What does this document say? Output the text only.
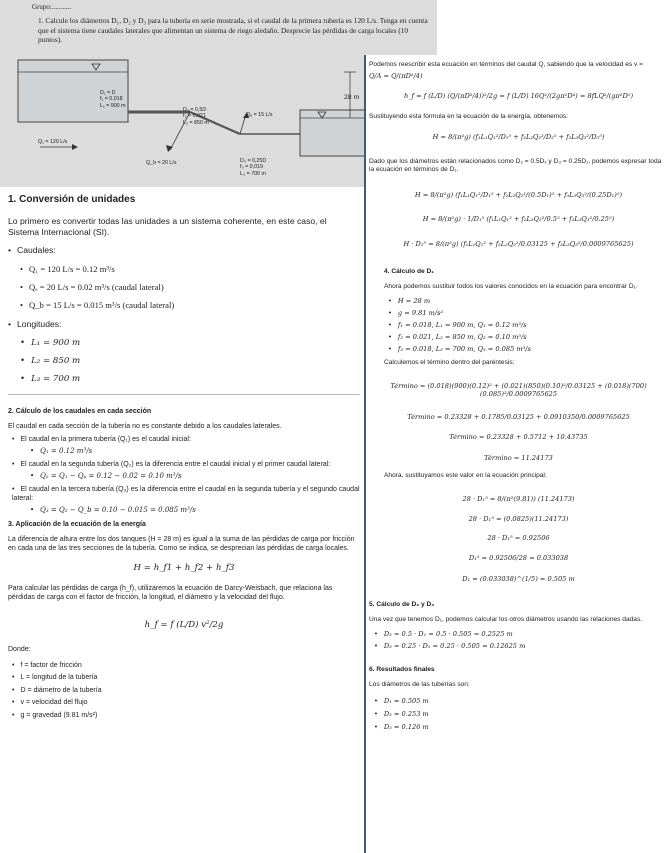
Grupo:...........
1. Calcule los diámetros D₁, D₂ y D₃ para la tubería en serie mostrada, si el caudal de la primera tubería es 120 L/s. Tenga en cuenta que el sistema tiene caudales laterales que alimentan un sistema de riego aledaño. Desprecie las pérdidas de carga locales (10 puntos).
28 m
D₁ = D
f₁ = 0,018
L₁ = 900 m
D₂ = 0,5D
f₂ = 0,021
L₂ = 850 m
D₃ = 0,25D
f₃ = 0,019
L₃ = 700 m
Qₐ = 15 L/s
Q₁ = 120 L/s
Q_b = 20 L/s
1. Conversión de unidades
Lo primero es convertir todas las unidades a un sistema coherente, en este caso, el Sistema Internacional (SI).
• Caudales:
• Q₁ = 120 L/s = 0.12 m³/s
• Qₐ = 20 L/s = 0.02 m³/s (caudal lateral)
• Q_b = 15 L/s = 0.015 m³/s (caudal lateral)
• Longitudes:
• L₁ = 900 m
• L₂ = 850 m
• L₃ = 700 m
2. Cálculo de los caudales en cada sección
El caudal en cada sección de la tubería no es constante debido a los caudales laterales.
• El caudal en la primera tubería (Q₁) es el caudal inicial:
• Q₁ = 0.12 m³/s
• El caudal en la segunda tubería (Q₂) es la diferencia entre el caudal inicial y el primer caudal lateral:
• Q₂ = Q₁ − Qₐ = 0.12 − 0.02 = 0.10 m³/s
• El caudal en la tercera tubería (Q₃) es la diferencia entre el caudal en la segunda tubería y el segundo caudal lateral:
• Q₃ = Q₂ − Q_b = 0.10 − 0.015 = 0.085 m³/s
3. Aplicación de la ecuación de la energía
La diferencia de altura entre los dos tanques (H = 28 m) es igual a la suma de las pérdidas de carga por fricción en cada una de las tres secciones de la tubería. Como se indica, se desprecian las pérdidas de carga locales.
H = h_f1 + h_f2 + h_f3
Para calcular las pérdidas de carga (h_f), utilizaremos la ecuación de Darcy-Weisbach, que relaciona las pérdidas de carga con el factor de fricción, la longitud, el diámetro y la velocidad del flujo.
h_f = f (L/D) v²/2g
Donde:
• f = factor de fricción
• L = longitud de la tubería
• D = diámetro de la tubería
• v = velocidad del flujo
• g = gravedad (9.81 m/s²)
Podemos reescribir esta ecuación en términos del caudal Q, sabiendo que la velocidad es v =
Q/A = Q/(πD²/4)
h_f = f (L/D) (Q/(πD²/4))²/2g = f (L/D) 16Q²/(2gπ²D⁴) = 8fLQ²/(gπ²D⁵)
Sustituyendo esta fórmula en la ecuación de la energía, obtenemos:
H = 8/(π²g) (f₁L₁Q₁²/D₁⁵ + f₂L₂Q₂²/D₂⁵ + f₃L₃Q₃²/D₃⁵)
Dado que los diámetros están relacionados como D₂ = 0.5D₁ y D₃ = 0.25D₁, podemos expresar toda la ecuación en términos de D₁.
H = 8/(π²g) (f₁L₁Q₁²/D₁⁵ + f₂L₂Q₂²/(0.5D₁)⁵ + f₃L₃Q₃²/(0.25D₁)⁵)
H = 8/(π²g) · 1/D₁⁵ (f₁L₁Q₁² + f₂L₂Q₂²/0.5⁵ + f₃L₃Q₃²/0.25⁵)
H · D₁⁵ = 8/(π²g) (f₁L₁Q₁² + f₂L₂Q₂²/0.03125 + f₃L₃Q₃²/0.0009765625)
4. Cálculo de D₁
Ahora podemos sustituir todos los valores conocidos en la ecuación para encontrar D₁.
• H = 28 m
• g = 9.81 m/s²
• f₁ = 0.018, L₁ = 900 m, Q₁ = 0.12 m³/s
• f₂ = 0.021, L₂ = 850 m, Q₂ = 0.10 m³/s
• f₃ = 0.018, L₃ = 700 m, Q₃ = 0.085 m³/s
Calculemos el término dentro del paréntesis:
Término = (0.018)(900)(0.12)² + (0.021)(850)(0.10)²/0.03125 + (0.018)(700)(0.085)²/0.0009765625
Término = 0.23328 + 0.1785/0.03125 + 0.0910350/0.0009765625
Término = 0.23328 + 0.5712 + 10.43735
Término = 11.24173
Ahora, sustituyamos este valor en la ecuación principal:
28 · D₁⁵ = 8/(π²(9.81)) (11.24173)
28 · D₁⁵ = (0.0825)(11.24173)
28 · D₁⁵ = 0.92506
D₁⁵ = 0.92506/28 = 0.033038
D₁ = (0.033038)^(1/5) ≈ 0.505 m
5. Cálculo de D₂ y D₃
Una vez que tenemos D₁, podemos calcular los otros diámetros usando las relaciones dadas.
• D₂ = 0.5 · D₁ = 0.5 · 0.505 = 0.2525 m
• D₃ = 0.25 · D₁ = 0.25 · 0.505 = 0.12625 m
6. Resultados finales
Los diámetros de las tuberías son:
• D₁ ≈ 0.505 m
• D₂ ≈ 0.253 m
• D₃ ≈ 0.126 m
